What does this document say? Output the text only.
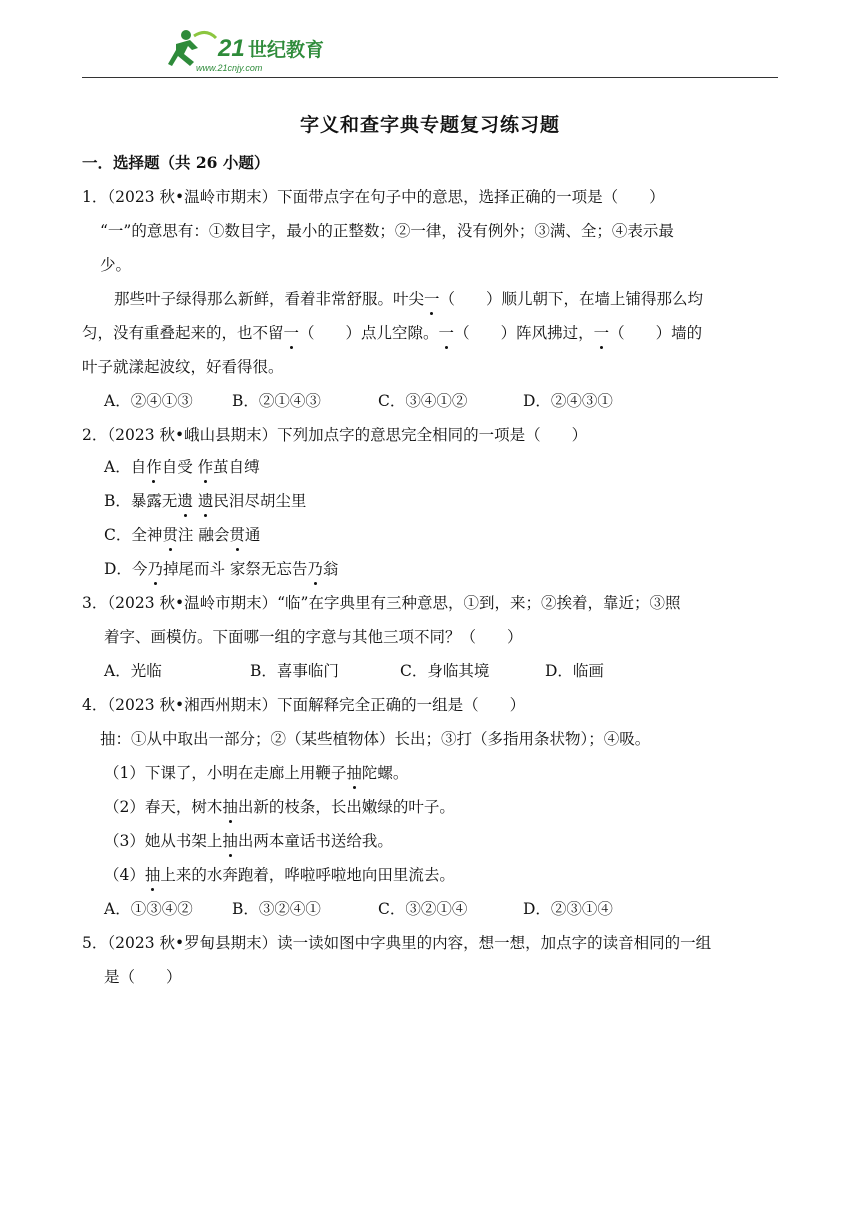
21 世纪教育
www.21cnjy.com
字义和查字典专题复习练习题
一．选择题（共 26 小题）
1．（2023 秋•温岭市期末）下面带点字在句子中的意思，选择正确的一项是（　　）
“一”的意思有：①数目字，最小的正整数；②一律，没有例外；③满、全；④表示最
少。
那些叶子绿得那么新鲜，看着非常舒服。叶尖一（　　）顺儿朝下，在墙上铺得那么均
匀，没有重叠起来的，也不留一（　　）点儿空隙。一（　　）阵风拂过，一（　　）墙的
叶子就漾起波纹，好看得很。
A．②④①③	B．②①④③	C．③④①②	D．②④③①
2．（2023 秋•峨山县期末）下列加点字的意思完全相同的一项是（　　）
A．自作自受 作茧自缚
B．暴露无遗 遗民泪尽胡尘里
C．全神贯注 融会贯通
D．今乃掉尾而斗 家祭无忘告乃翁
3．（2023 秋•温岭市期末）“临”在字典里有三种意思，①到，来；②挨着，靠近；③照
着字、画模仿。下面哪一组的字意与其他三项不同？（　　）
A．光临	B．喜事临门	C．身临其境	D．临画
4．（2023 秋•湘西州期末）下面解释完全正确的一组是（　　）
抽：①从中取出一部分；②（某些植物体）长出；③打（多指用条状物）；④吸。
（1）下课了，小明在走廊上用鞭子抽陀螺。
（2）春天，树木抽出新的枝条，长出嫩绿的叶子。
（3）她从书架上抽出两本童话书送给我。
（4）抽上来的水奔跑着，哗啦呼啦地向田里流去。
A．①③④②	B．③②④①	C．③②①④	D．②③①④
5．（2023 秋•罗甸县期末）读一读如图中字典里的内容，想一想，加点字的读音相同的一组
是（　　）
